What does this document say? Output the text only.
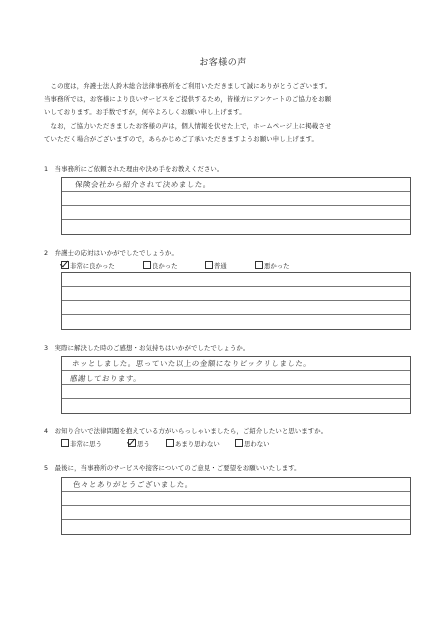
お客様の声

　この度は，弁護士法人鈴木総合法律事務所をご利用いただきまして誠にありがとうございます。

当事務所では，お客様により良いサービスをご提供するため，皆様方にアンケートのご協力をお願

いしております。お手数ですが，何卒よろしくお願い申し上げます。

　なお，ご協力いただきましたお客様の声は，個人情報を伏せた上で，ホームページ上に掲載させ

ていただく場合がございますので，あらかじめご了承いただきますようお願い申し上げます。

1　当事務所にご依頼された理由や決め手をお教えください。
保険会社から紹介されて決めました。
2　弁護士の応対はいかがでしたでしょうか。
非常に良かった	良かった	普通	悪かった
3　実際に解決した時のご感想・お気持ちはいかがでしたでしょうか。
ホッとしました。思っていた以上の金額になりビックリしました。
感謝しております。
4　お知り合いで法律問題を抱えている方がいらっしゃいましたら，ご紹介したいと思いますか。
非常に思う	思う	あまり思わない	思わない
5　最後に，当事務所のサービスや接客についてのご意見・ご要望をお願いいたします。
色々とありがとうございました。
